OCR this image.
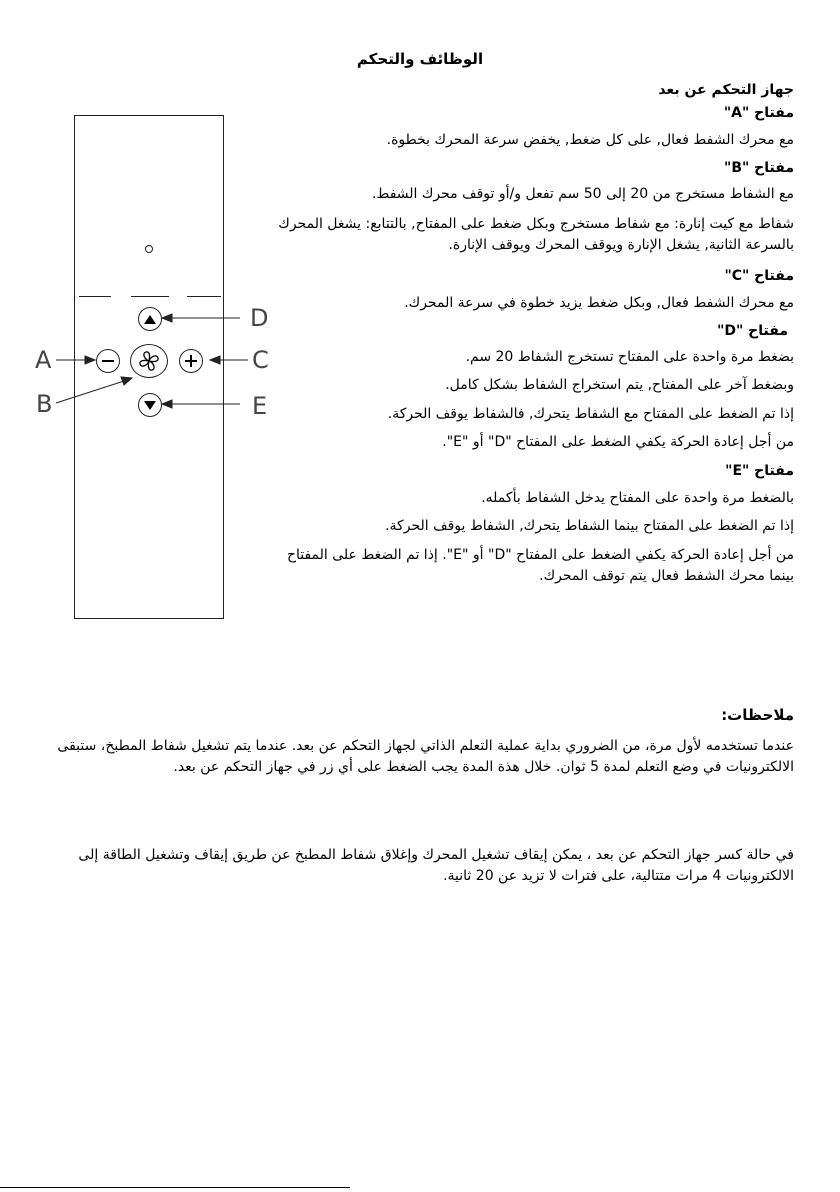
الوظائف والتحكم
جهاز التحكم عن بعد
مفتاح "A"
مع محرك الشفط فعال, على كل ضغط, يخفض سرعة المحرك بخطوة.
مفتاح "B"
مع الشفاط مستخرج من 20 إلى 50 سم تفعل و/أو توقف محرك الشفط.
شفاط مع كيت إنارة: مع شفاط مستخرج وبكل ضغط على المفتاح, بالتتابع: يشغل المحرك
بالسرعة الثانية, يشغل الإنارة ويوقف المحرك ويوقف الإنارة.
مفتاح "C"
مع محرك الشفط فعال, وبكل ضغط يزيد خطوة في سرعة المحرك.
مفتاح "D"
بضغط مرة واحدة على المفتاح تستخرج الشفاط 20 سم.
وبضغط آخر على المفتاح, يتم استخراج الشفاط بشكل كامل.
إذا تم الضغط على المفتاح مع الشفاط يتحرك, فالشفاط يوقف الحركة.
من أجل إعادة الحركة يكفي الضغط على المفتاح "D" أو "E".
مفتاح "E"
بالضغط مرة واحدة على المفتاح يدخل الشفاط بأكمله.
إذا تم الضغط على المفتاح بينما الشفاط يتحرك, الشفاط يوقف الحركة.
من أجل إعادة الحركة يكفي الضغط على المفتاح "D" أو "E". إذا تم الضغط على المفتاح
بينما محرك الشفط فعال يتم توقف المحرك.
D
A	C
B	E
ملاحظات:
عندما تستخدمه لأول مرة، من الضروري بداية عملية التعلم الذاتي لجهاز التحكم عن بعد. عندما يتم تشغيل شفاط المطبخ، ستبقى
الالكترونيات في وضع التعلم لمدة 5 ثوان. خلال هذة المدة يجب الضغط على أي زر في جهاز التحكم عن بعد.
في حالة كسر جهاز التحكم عن بعد ، يمكن إيقاف تشغيل المحرك وإغلاق شفاط المطبخ عن طريق إيقاف وتشغيل الطاقة إلى
الالكترونيات 4 مرات متتالية، على فترات لا تزيد عن 20 ثانية.
